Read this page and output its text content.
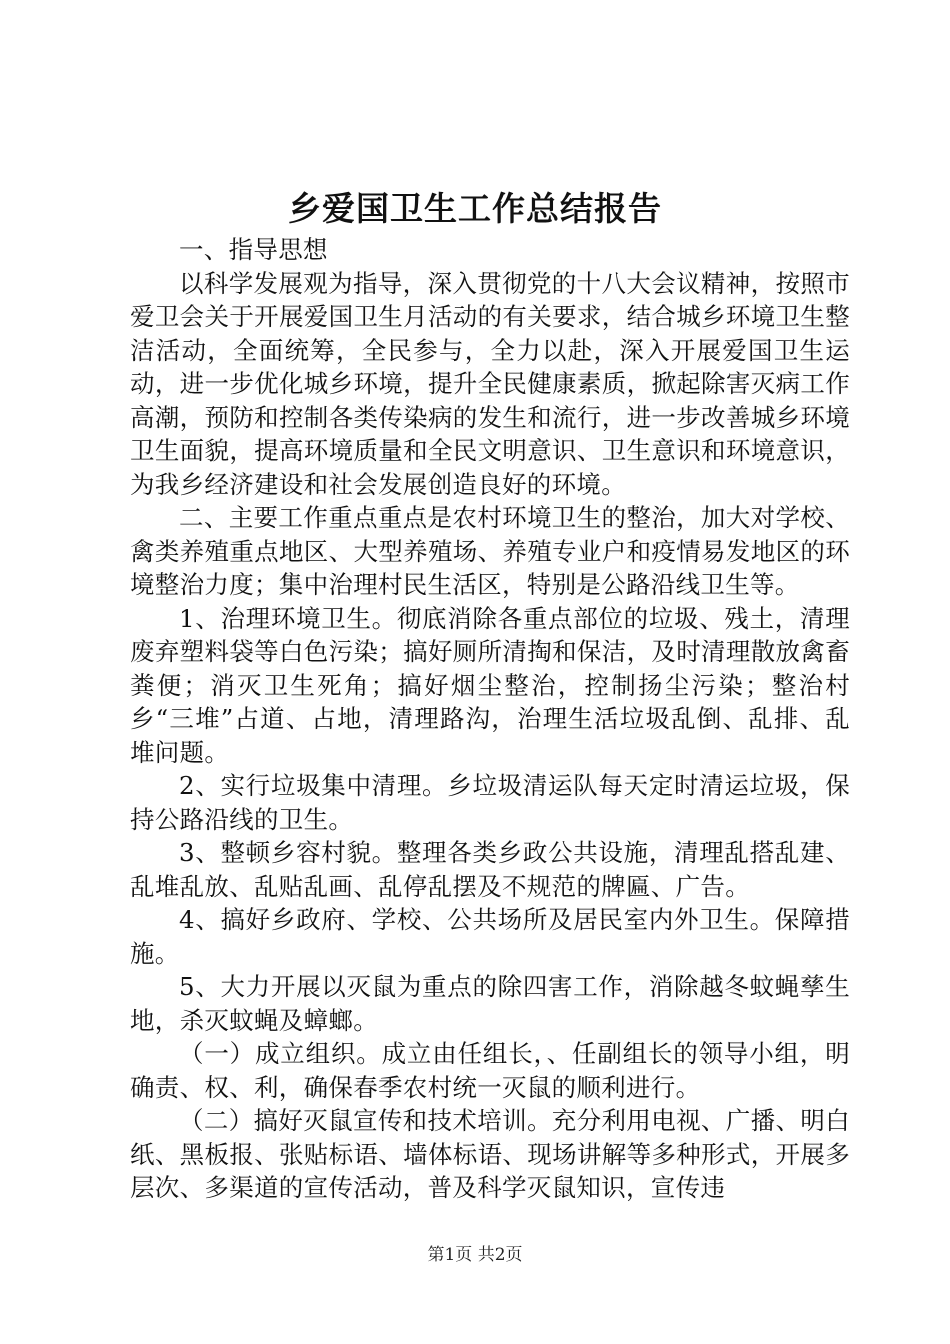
乡爱国卫生工作总结报告

一、指导思想

以科学发展观为指导，深入贯彻党的十八大会议精神，按照市爱卫会关于开展爱国卫生月活动的有关要求，结合城乡环境卫生整洁活动，全面统筹，全民参与，全力以赴，深入开展爱国卫生运动，进一步优化城乡环境，提升全民健康素质，掀起除害灭病工作高潮，预防和控制各类传染病的发生和流行，进一步改善城乡环境卫生面貌，提高环境质量和全民文明意识、卫生意识和环境意识，为我乡经济建设和社会发展创造良好的环境。

二、主要工作重点重点是农村环境卫生的整治，加大对学校、禽类养殖重点地区、大型养殖场、养殖专业户和疫情易发地区的环境整治力度；集中治理村民生活区，特别是公路沿线卫生等。

1、治理环境卫生。彻底消除各重点部位的垃圾、残土，清理废弃塑料袋等白色污染；搞好厕所清掏和保洁，及时清理散放禽畜粪便；消灭卫生死角；搞好烟尘整治，控制扬尘污染；整治村乡“三堆”占道、占地，清理路沟，治理生活垃圾乱倒、乱排、乱堆问题。

2、实行垃圾集中清理。乡垃圾清运队每天定时清运垃圾，保持公路沿线的卫生。

3、整顿乡容村貌。整理各类乡政公共设施，清理乱搭乱建、乱堆乱放、乱贴乱画、乱停乱摆及不规范的牌匾、广告。

4、搞好乡政府、学校、公共场所及居民室内外卫生。保障措施。

5、大力开展以灭鼠为重点的除四害工作，消除越冬蚊蝇孳生地，杀灭蚊蝇及蟑螂。

（一）成立组织。成立由任组长，、任副组长的领导小组，明确责、权、利，确保春季农村统一灭鼠的顺利进行。

（二）搞好灭鼠宣传和技术培训。充分利用电视、广播、明白纸、黑板报、张贴标语、墙体标语、现场讲解等多种形式，开展多层次、多渠道的宣传活动，普及科学灭鼠知识，宣传违

第1页 共2页
